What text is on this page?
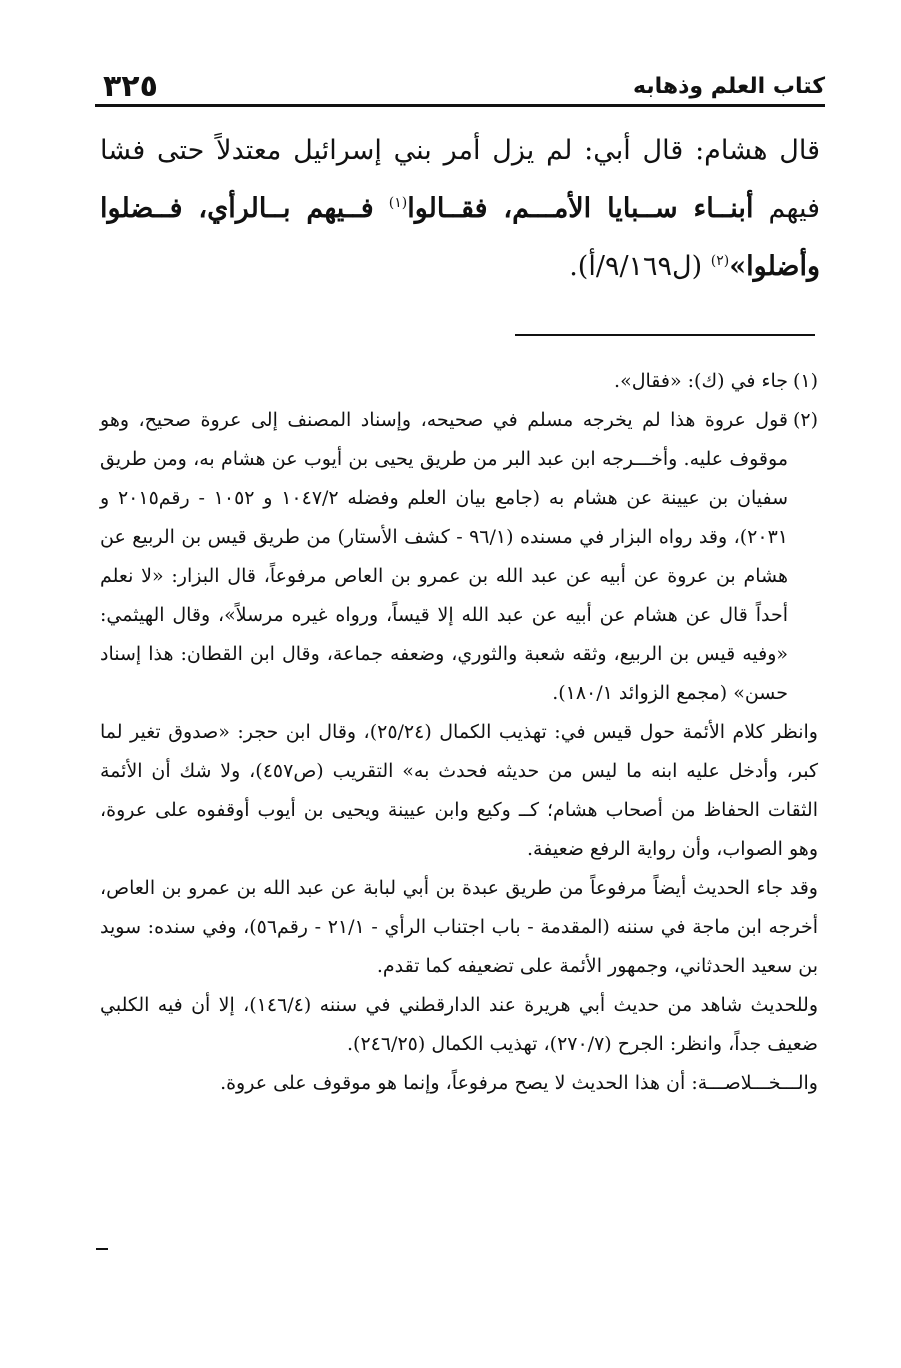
٣٢٥	كتاب العلم وذهابه
قال هشام: قال أبي: لم يزل أمر بني إسرائيل معتدلاً حتى فشا فيهم أبنــاء ســبايا الأمـــم، فقــالوا$^{(١)}$ فــيهم بــالرأي، فــضلوا وأضلوا»$^{(٢)}$ (ل٩/١٦٩/أ).

(١)
جاء في (ك): «فقال».

(٢)
قول عروة هذا لم يخرجه مسلم في صحيحه، وإسناد المصنف إلى عروة صحيح، وهو موقوف عليه. وأخـــرجه ابن عبد البر من طريق يحيى بن أيوب عن هشام به، ومن طريق سفيان بن عيينة عن هشام به (جامع بيان العلم وفضله ١٠٤٧/٢ و ١٠٥٢ - رقم٢٠١٥ و ٢٠٣١)، وقد رواه البزار في مسنده (٩٦/١ - كشف الأستار) من طريق قيس بن الربيع عن هشام بن عروة عن أبيه عن عبد الله بن عمرو بن العاص مرفوعاً، قال البزار: «لا نعلم أحداً قال عن هشام عن أبيه عن عبد الله إلا قيساً، ورواه غيره مرسلاً»، وقال الهيثمي: «وفيه قيس بن الربيع، وثقه شعبة والثوري، وضعفه جماعة، وقال ابن القطان: هذا إسناد حسن» (مجمع الزوائد ١٨٠/١).

وانظر كلام الأئمة حول قيس في: تهذيب الكمال (٢٥/٢٤)، وقال ابن حجر: «صدوق تغير لما كبر، وأدخل عليه ابنه ما ليس من حديثه فحدث به» التقريب (ص٤٥٧)، ولا شك أن الأئمة الثقات الحفاظ من أصحاب هشام؛ كــ وكيع وابن عيينة ويحيى بن أيوب أوقفوه على عروة، وهو الصواب، وأن رواية الرفع ضعيفة.

وقد جاء الحديث أيضاً مرفوعاً من طريق عبدة بن أبي لبابة عن عبد الله بن عمرو بن العاص، أخرجه ابن ماجة في سننه (المقدمة - باب اجتناب الرأي - ٢١/١ - رقم٥٦)، وفي سنده: سويد بن سعيد الحدثاني، وجمهور الأئمة على تضعيفه كما تقدم.

وللحديث شاهد من حديث أبي هريرة عند الدارقطني في سننه (١٤٦/٤)، إلا أن فيه الكلبي ضعيف جداً، وانظر: الجرح (٢٧٠/٧)، تهذيب الكمال (٢٤٦/٢٥).

والـــخـــلاصـــة: أن هذا الحديث لا يصح مرفوعاً، وإنما هو موقوف على عروة.
